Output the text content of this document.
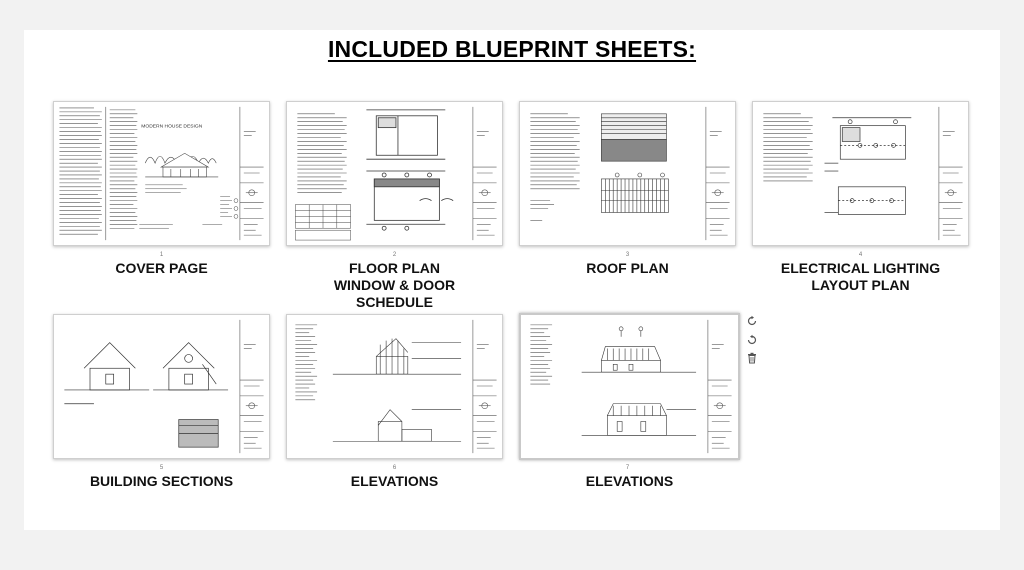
INCLUDED BLUEPRINT SHEETS:
MODERN HOUSE DESIGN
1
COVER PAGE
2
FLOOR PLAN
WINDOW & DOOR
SCHEDULE
3
ROOF PLAN
4
ELECTRICAL LIGHTING
LAYOUT PLAN
5
BUILDING SECTIONS
6
ELEVATIONS
7
ELEVATIONS
